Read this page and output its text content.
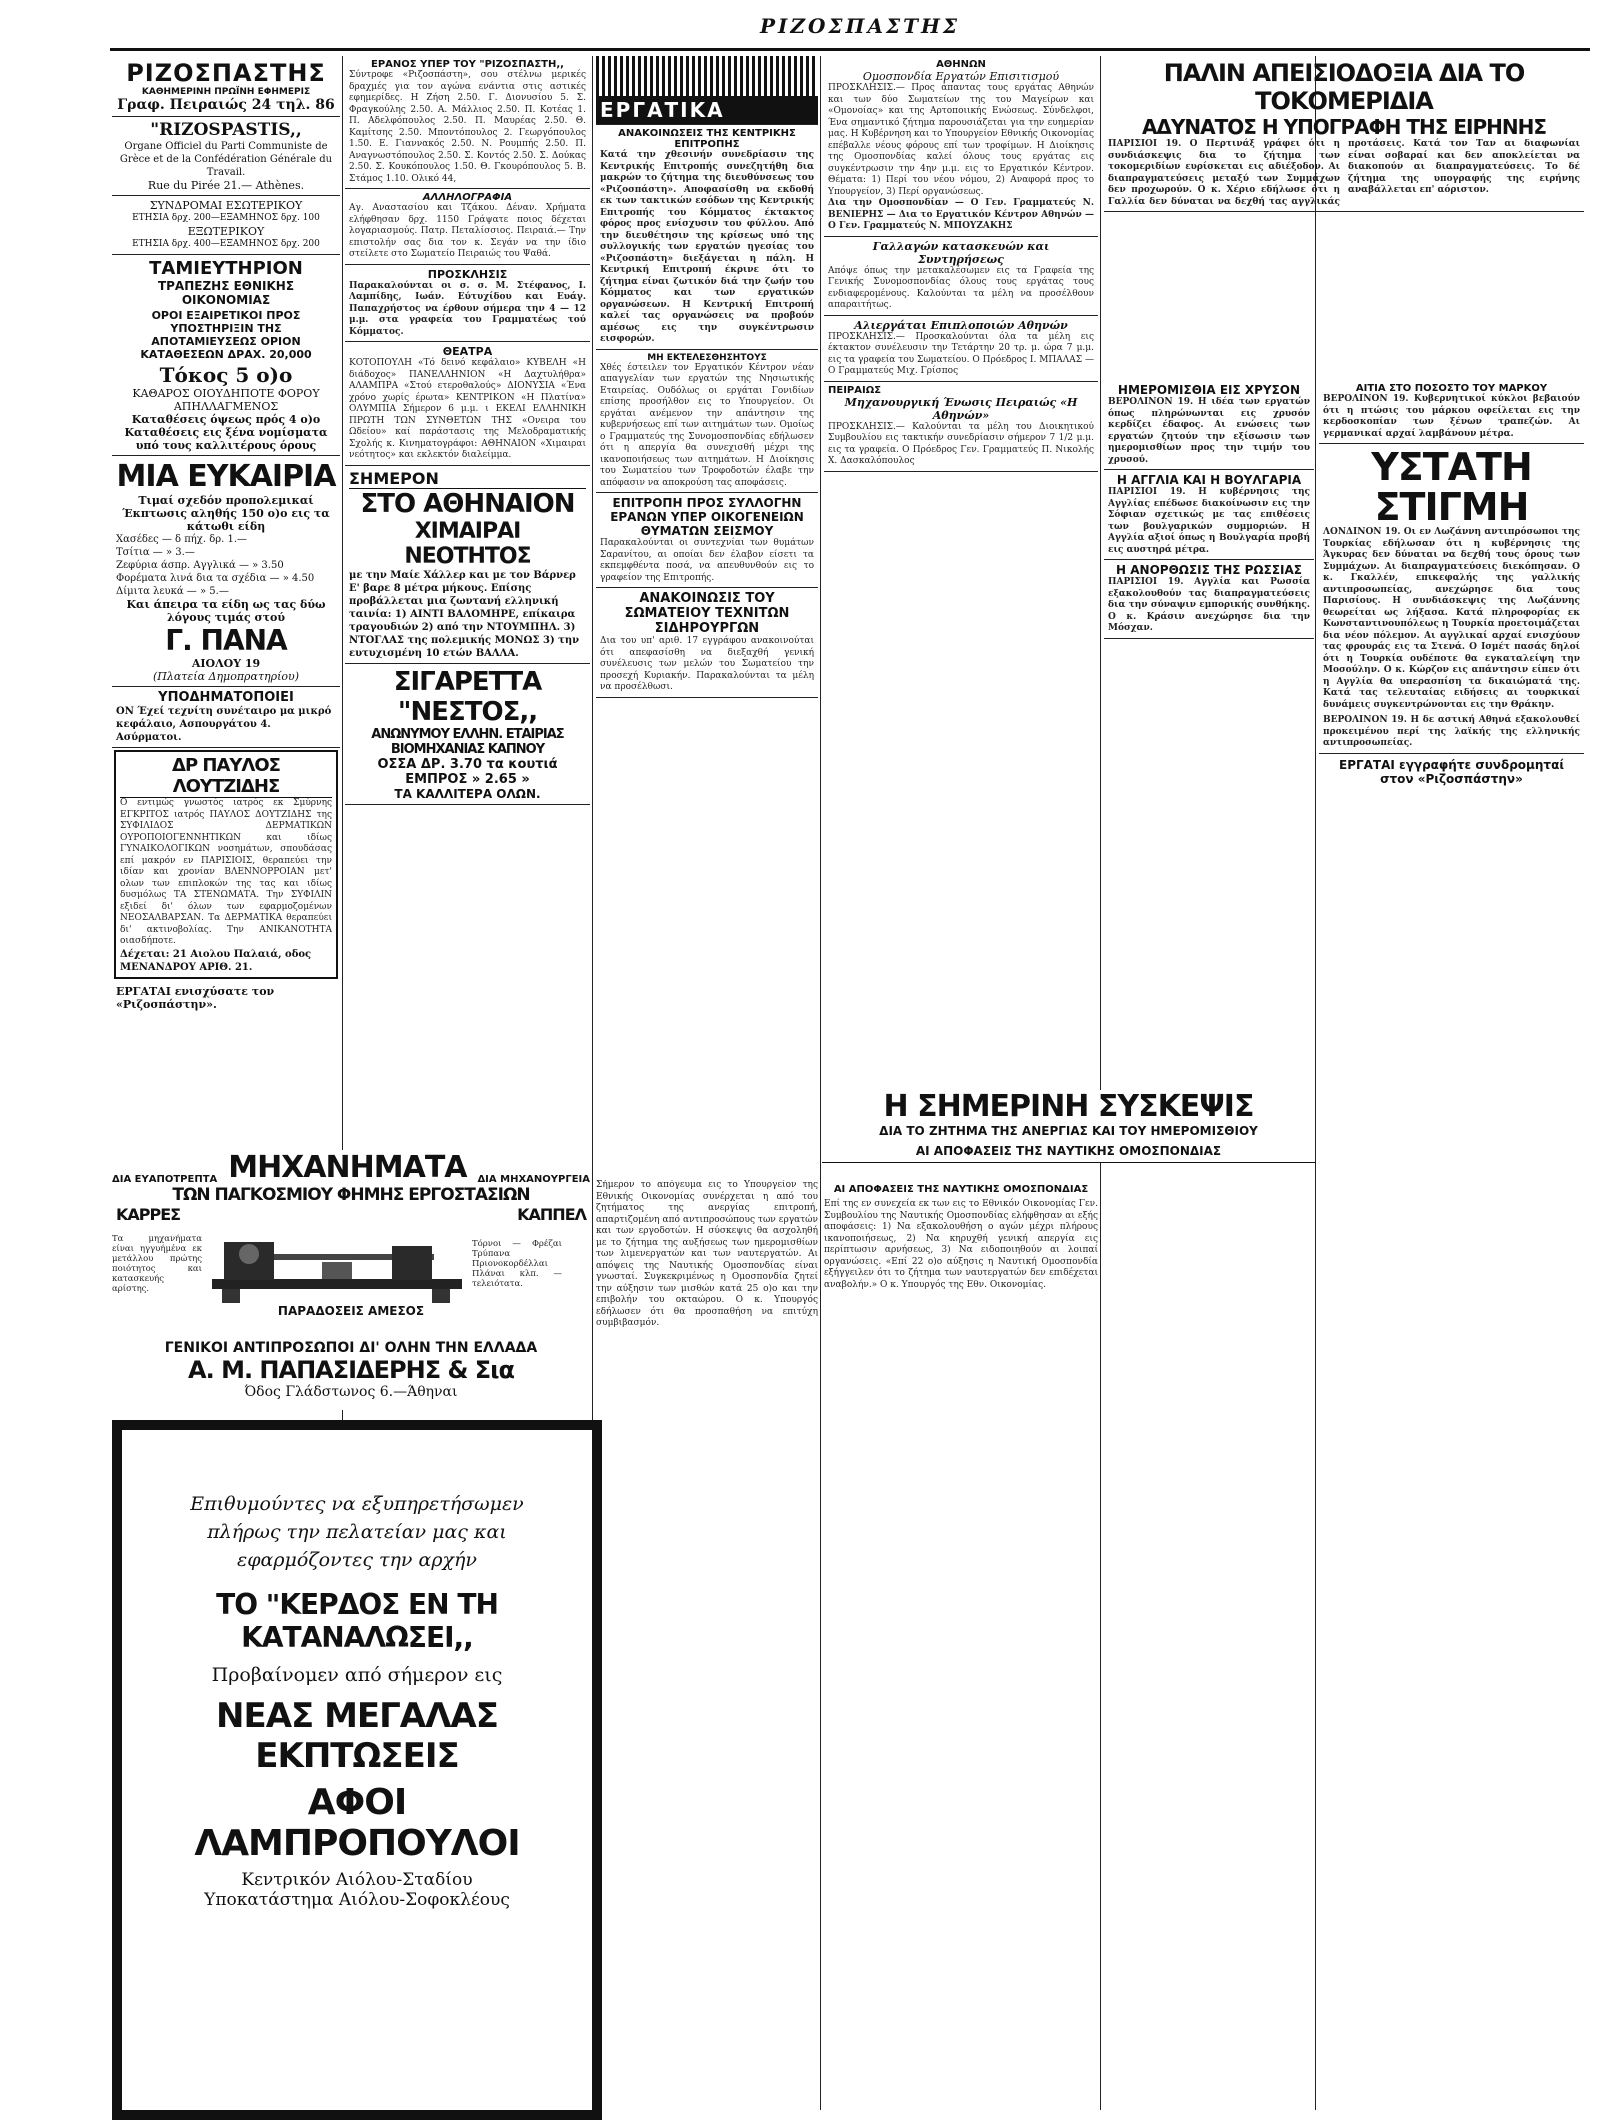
ΡΙΖΟΣΠΑΣΤΗΣ
ΡΙΖΟΣΠΑΣΤΗΣ
ΚΑΘΗΜΕΡΙΝΗ ΠΡΩΪΝΗ ΕΦΗΜΕΡΙΣ
Γραφ. Πειραιώς 24 τηλ. 86
"RIZOSPASTIS,,
Organe Officiel du Parti Communiste de Grèce et de la Confédération Générale du Travail.
Rue du Pirée 21.— Athènes.
ΣΥΝΔΡΟΜΑΙ ΕΣΩΤΕΡΙΚΟΥ
ΕΤΗΣΙΑ δρχ. 200—ΕΞΑΜΗΝΟΣ δρχ. 100
ΕΞΩΤΕΡΙΚΟΥ
ΕΤΗΣΙΑ δρχ. 400—ΕΞΑΜΗΝΟΣ δρχ. 200
ΤΑΜΙΕΥΤΗΡΙΟΝ
ΤΡΑΠΕΖΗΣ ΕΘΝΙΚΗΣ ΟΙΚΟΝΟΜΙΑΣ
ΟΡΟΙ ΕΞΑΙΡΕΤΙΚΟΙ ΠΡΟΣ ΥΠΟΣΤΗΡΙΞΙΝ ΤΗΣ ΑΠΟΤΑΜΙΕΥΣΕΩΣ ΟΡΙΟΝ ΚΑΤΑΘΕΣΕΩΝ ΔΡΑΧ. 20,000
Τόκος 5 ο)ο
ΚΑΘΑΡΟΣ ΟΙΟΥΔΗΠΟΤΕ ΦΟΡΟΥ ΑΠΗΛΛΑΓΜΕΝΟΣ
Καταθέσεις όψεως πρός 4 ο)ο Καταθέσεις εις ξένα νομίσματα υπό τους καλλιτέρους όρους
ΜΙΑ ΕΥΚΑΙΡΙΑ
Τιμαί σχεδόν προπολεμικαί
Έκπτωσις αληθής 150 ο)ο εις τα κάτωθι είδη
Χασέδες — δ πήχ. δρ. 1.—
Τσίτια — » 3.—
Ζεφύρια άσπρ. Αγγλικά — » 3.50
Φορέματα λινά δια τα σχέδια — » 4.50
Δίμιτα λευκά — » 5.—
Και άπειρα τα είδη ως τας δύω λόγους τιμάς στού
Γ. ΠΑΝΑ
ΑΙΟΛΟΥ 19
(Πλατεία Δημοπρατηρίου)
ΥΠΟΔΗΜΑΤΟΠΟΙΕΙ
ΟΝ Έχεί τεχνίτη συνέταιρο μα μικρό κεφάλαιο, Ασπουργάτου 4. Ασύρματοι.
ΔΡ ΠΑΥΛΟΣ ΛΟΥΤΖΙΔΗΣ
Ο εντιμώς γνωστός ιατρός εκ Σμύρνης ΕΓΚΡΙΤΟΣ ιατρός ΠΑΥΛΟΣ ΔΟΥΤΖΙΔΗΣ της ΣΥΦΙΛΙΔΟΣ ΔΕΡΜΑΤΙΚΩΝ ΟΥΡΟΠΟΙΟΓΕΝΝΗΤΙΚΩΝ και ιδίως ΓΥΝΑΙΚΟΛΟΓΙΚΩΝ νοσημάτων, σπουδάσας επί μακρόν εν ΠΑΡΙΣΙΟΙΣ, θεραπεύει την ιδίαν και χρονίαν ΒΛΕΝΝΟΡΡΟΙΑΝ μετ' ολων των επιπλοκών της τας και ιδίως δυσμόλως ΤΑ ΣΤΕΝΩΜΑΤΑ. Την ΣΥΦΙΛΙΝ εξιδεί δι' όλων των εφαρμοζομένων ΝΕΟΣΑΛΒΑΡΣΑΝ. Τα ΔΕΡΜΑΤΙΚΑ θεραπεύει δι' ακτινοβολίας. Την ΑΝΙΚΑΝΟΤΗΤΑ οιασδήποτε.
Δέχεται: 21 Αιολου Παλαιά, οδος ΜΕΝΑΝΔΡΟΥ ΑΡΙΘ. 21.
ΕΡΓΑΤΑΙ ενισχύσατε τον «Ριζοσπάστην».
ΕΡΑΝΟΣ ΥΠΕΡ ΤΟΥ "ΡΙΖΟΣΠΑΣΤΗ,,
Σύντροφε «Ριζοσπάστη», σου στέλνω μερικές δραχμές για τον αγώνα ενάντια στις αστικές εφημερίδες. Η Ζήση 2.50. Γ. Διονυσίου 5. Σ. Φραγκούλης 2.50. Α. Μάλλιος 2.50. Π. Κοτέας 1. Π. Αδελφόπουλος 2.50. Π. Μαυρέας 2.50. Θ. Καμίτσης 2.50. Μποντόπουλος 2. Γεωργόπουλος 1.50. Ε. Γιαννακός 2.50. Ν. Ρουμπής 2.50. Π. Αναγνωστόπουλος 2.50. Σ. Κοντός 2.50. Σ. Δούκας 2.50. Σ. Κουκόπουλος 1.50. Θ. Γκουρόπουλος 5. Β. Στάμος 1.10. Ολικό 44,
ΑΛΛΗΛΟΓΡΑΦΙΑ
Αγ. Αναστασίου και Τζάκου. Δέναν. Χρήματα ελήφθησαν δρχ. 1150 Γράψατε ποιος δέχεται λογαριασμούς. Πατρ. Πεταλίσσιος. Πειραιά.— Την επιστολήν σας δια τον κ. Σεγάν να την ίδιο στείλετε στο Σωματείο Πειραιώς του Ψαθά.
ΠΡΟΣΚΛΗΣΙΣ
Παρακαλούνται οι σ. σ. Μ. Στέφανος, Ι. Λαμπίδης, Ιωάν. Εύτυχίδου και Ευάγ. Παπαχρήστος να έρθουν σήμερα την 4 — 12 μ.μ. στα γραφεία του Γραμματέως τού Κόμματος.
ΘΕΑΤΡΑ
ΚΟΤΟΠΟΥΛΗ «Τό δεινό κεφάλαιο» ΚΥΒΕΛΗ «Η διάδοχος» ΠΑΝΕΛΛΗΝΙΟΝ «Η Δαχτυλήθρα» ΑΛΑΜΠΡΑ «Στού ετεροθαλούς» ΔΙΟΝΥΣΙΑ «Ένα χρόνο χωρίς έρωτα» ΚΕΝΤΡΙΚΟΝ «Η Πλατίνα» ΟΛΥΜΠΙΑ Σήμερον 6 μ.μ. ι ΕΚΕΛΙ ΕΛΛΗΝΙΚΗ ΠΡΩΤΗ ΤΩΝ ΣΥΝΘΕΤΩΝ ΤΗΣ «Ονειρα του Ωδείου» καί παράστασις της Μελοδραματικής Σχολής κ. Κινηματογράφοι: ΑΘΗΝΑΙΟΝ «Χιμαιραι νεότητος» και εκλεκτόν διαλείμμα.
ΣΗΜΕΡΟΝ
ΣΤΟ ΑΘΗΝΑΙΟΝ
ΧΙΜΑΙΡΑΙ ΝΕΟΤΗΤΟΣ
με την Μαίε Χάλλερ και με τον Βάρνερ Ε' βαρε 8 μέτρα μήκους. Επίσης προβάλλεται μια ζωντανή ελληνική ταινία: 1) ΑΙΝΤΙ ΒΑΛΟΜΗΡΕ, επίκαιρα τραγουδιών 2) από την ΝΤΟΥΜΠΗΛ. 3) ΝΤΟΓΛΑΣ της πολεμικής ΜΟΝΩΣ 3) την ευτυχισμένη 10 ετών ΒΑΛΛΑ.
ΣΙΓΑΡΕΤΤΑ "ΝΕΣΤΟΣ,,
ΑΝΩΝΥΜΟΥ ΕΛΛΗΝ. ΕΤΑΙΡΙΑΣ ΒΙΟΜΗΧΑΝΙΑΣ ΚΑΠΝΟΥ
ΟΣΣΑ ΔΡ. 3.70 τα κουτιά ΕΜΠΡΟΣ » 2.65 »
ΤΑ ΚΑΛΛΙΤΕΡΑ ΟΛΩΝ.
ΔΙΑ ΕΥΑΠΟΤΡΕΠΤΑ ΜΗΧΑΝΗΜΑΤΑ ΔΙΑ ΜΗΧΑΝΟΥΡΓΕΙΑ
ΤΩΝ ΠΑΓΚΟΣΜΙΟΥ ΦΗΜΗΣ ΕΡΓΟΣΤΑΣΙΩΝ
ΚΑΡΡΕΣ	ΚΑΠΠΕΛ
Τα μηχανήματα είναι ηγγυήμένα εκ μετάλλου πρώτης ποιότητος και κατασκευής αρίστης.
Τόρνοι — Φρέζαι Τρύπανα Πριονοκορδέλλαι Πλάναι κλπ. — τελειότατα.
ΠΑΡΑΔΟΣΕΙΣ ΑΜΕΣΟΣ
ΓΕΝΙΚΟΙ ΑΝΤΙΠΡΟΣΩΠΟΙ ΔΙ' ΟΛΗΝ ΤΗΝ ΕΛΛΑΔΑ
Α. Μ. ΠΑΠΑΣΙΔΕΡΗΣ & Σια
Όδος Γλάδστωνος 6.—Άθηναι
Επιθυμούντες να εξυπηρετήσωμεν πλήρως την πελατείαν μας και εφαρμόζοντες την αρχήν
ΤΟ "ΚΕΡΔΟΣ ΕΝ ΤΗ ΚΑΤΑΝΑΛΩΣΕΙ,,
Προβαίνομεν από σήμερον εις
ΝΕΑΣ ΜΕΓΑΛΑΣ ΕΚΠΤΩΣΕΙΣ
ΑΦΟΙ ΛΑΜΠΡΟΠΟΥΛΟΙ
Κεντρικόν Αιόλου-Σταδίου
Υποκατάστημα Αιόλου-Σοφοκλέους
ΕΡΓΑΤΙΚΑ
ΑΝΑΚΟΙΝΩΣΕΙΣ ΤΗΣ ΚΕΝΤΡΙΚΗΣ ΕΠΙΤΡΟΠΗΣ
Κατά την χθεσινήν συνεδρίασιν της Κεντρικής Επιτροπής συνεζητήθη δια μακρών το ζήτημα της διευθύνσεως του «Ριζοσπάστη». Αποφασίσθη να εκδοθή εκ των τακτικών εσόδων της Κεντρικής Επιτροπής του Κόμματος έκτακτος φόρος προς ενίσχυσιν του φύλλου. Από την διευθέτησιν της κρίσεως υπό της συλλογικής των εργατών ηγεσίας του «Ριζοσπάστη» διεξάγεται η πάλη. Η Κεντρική Επιτροπή έκρινε ότι το ζήτημα είναι ζωτικόν διά την ζωήν του Κόμματος και των εργατικών οργανώσεων. Η Κεντρική Επιτροπή καλεί τας οργανώσεις να προβούν αμέσως εις την συγκέντρωσιν εισφορών.
ΜΗ ΕΚΤΕΛΕΣΘΗΣΗΤΟΥΣ
Χθές έστειλεν τον Εργατικόν Κέντρον νέαν απαγγελίαν των εργατών της Νησιωτικής Εταιρείας. Ουδόλως οι εργάται Γονιδίων επίσης προσήλθον εις το Υπουργείον. Οι εργάται ανέμενον την απάντησιν της κυβερνήσεως επί των αιτημάτων των. Ομοίως ο Γραμματεύς της Συνομοσπονδίας εδήλωσεν ότι η απεργία θα συνεχισθή μέχρι της ικανοποιήσεως των αιτημάτων. Η Διοίκησις του Σωματείου των Τροφοδοτών έλαβε την απόφασιν να αποκρούση τας αποφάσεις.
ΕΠΙΤΡΟΠΗ ΠΡΟΣ ΣΥΛΛΟΓΗΝ ΕΡΑΝΩΝ ΥΠΕΡ ΟΙΚΟΓΕΝΕΙΩΝ ΘΥΜΑΤΩΝ ΣΕΙΣΜΟΥ
Παρακαλούνται οι συντεχνίαι των θυμάτων Σαρανίτου, αι οποίαι δεν έλαβον είσετι τα εκπεμφθέντα ποσά, να απευθυνθούν εις το γραφείον της Επιτροπής.
ΑΝΑΚΟΙΝΩΣΙΣ ΤΟΥ ΣΩΜΑΤΕΙΟΥ ΤΕΧΝΙΤΩΝ ΣΙΔΗΡΟΥΡΓΩΝ
Δια του υπ' αριθ. 17 εγγράφου ανακοινούται ότι απεφασίσθη να διεξαχθή γενική συνέλευσις των μελών του Σωματείου την προσεχή Κυριακήν. Παρακαλούνται τα μέλη να προσέλθωσι.
ΑΘΗΝΩΝ
Ομοσπονδία Εργατών Επισιτισμού
ΠΡΟΣΚΛΗΣΙΣ.— Προς άπαντας τους εργάτας Αθηνών και των δύο Σωματείων της του Μαγείρων και «Ομονοίας» και της Αρτοποιικής Ενώσεως. Σύνδελφοι, Ένα σημαντικό ζήτημα παρουσιάζεται για την ευημερίαν μας. Η Κυβέρνηση και το Υπουργείον Εθνικής Οικονομίας επέβαλλε νέους φόρους επί των τροφίμων. Η Διοίκησις της Ομοσπονδίας καλεί όλους τους εργάτας εις συγκέντρωσιν την 4ην μ.μ. εις το Εργατικόν Κέντρον. Θέματα: 1) Περί του νέου νόμου, 2) Αναφορά προς το Υπουργείον, 3) Περί οργανώσεως.
Δια την Ομοσπονδίαν — Ο Γεν. Γραμματεύς Ν. ΒΕΝΙΕΡΗΣ — Δια το Εργατικόν Κέντρον Αθηνών — Ο Γεν. Γραμματεύς Ν. ΜΠΟΥΖΑΚΗΣ
Γαλλαγών κατασκευών και Συντηρήσεως
Απόψε όπως την μετακαλέσωμεν εις τα Γραφεία της Γενικής Συνομοσπονδίας όλους τους εργάτας τους ενδιαφερομένους. Καλούνται τα μέλη να προσέλθουν απαραιτήτως.
Αλιεργάται Επιπλοποιών Αθηνών
ΠΡΟΣΚΛΗΣΙΣ.— Προσκαλούνται όλα τα μέλη εις έκτακτον συνέλευσιν την Τετάρτην 20 τρ. μ. ώρα 7 μ.μ. εις τα γραφεία του Σωματείου. Ο Πρόεδρος Ι. ΜΠΑΛΑΣ — Ο Γραμματεύς Μιχ. Γρίσπος
ΠΕΙΡΑΙΩΣ
Μηχανουργική Ένωσις Πειραιώς «Η Αθηνών»
ΠΡΟΣΚΛΗΣΙΣ.— Καλούνται τα μέλη του Διοικητικού Συμβουλίου εις τακτικήν συνεδρίασιν σήμερον 7 1/2 μ.μ. εις τα γραφεία. Ο Πρόεδρος Γεν. Γραμματεύς Π. Νικολής Χ. Δασκαλόπουλος
Η ΣΗΜΕΡΙΝΗ ΣΥΣΚΕΨΙΣ
ΔΙΑ ΤΟ ΖΗΤΗΜΑ ΤΗΣ ΑΝΕΡΓΙΑΣ ΚΑΙ ΤΟΥ ΗΜΕΡΟΜΙΣΘΙΟΥ
ΑΙ ΑΠΟΦΑΣΕΙΣ ΤΗΣ ΝΑΥΤΙΚΗΣ ΟΜΟΣΠΟΝΔΙΑΣ
Σήμερον το απόγευμα εις το Υπουργείον της Εθνικής Οικονομίας συνέρχεται η από του ζητήματος της ανεργίας επιτροπή, απαρτιζομένη από αντιπροσώπους των εργατών και των εργοδοτών. Η σύσκεψις θα ασχοληθή με το ζήτημα της αυξήσεως των ημερομισθίων των λιμενεργατών και των ναυτεργατών. Αι απόψεις της Ναυτικής Ομοσπονδίας είναι γνωσταί. Συγκεκριμένως η Ομοσπονδία ζητεί την αύξησιν των μισθών κατά 25 ο)ο και την επιβολήν του οκταώρου. Ο κ. Υπουργός εδήλωσεν ότι θα προσπαθήση να επιτύχη συμβιβασμόν.
ΑΙ ΑΠΟΦΑΣΕΙΣ ΤΗΣ ΝΑΥΤΙΚΗΣ ΟΜΟΣΠΟΝΔΙΑΣ
Επί της εν συνεχεία εκ των εις το Εθνικόν Οικονομίας Γεν. Συμβουλίου της Ναυτικής Ομοσπονδίας ελήφθησαν αι εξής αποφάσεις: 1) Να εξακολουθήση ο αγών μέχρι πλήρους ικανοποιήσεως, 2) Να κηρυχθή γενική απεργία εις περίπτωσιν αρνήσεως, 3) Να ειδοποιηθούν αι λοιπαί οργανώσεις. «Επί 22 ο)ο αύξησις η Ναυτική Ομοσπονδία εξήγγειλεν ότι το ζήτημα των ναυτεργατών δεν επιδέχεται αναβολήν.» Ο κ. Υπουργός της Εθν. Οικονομίας.
ΠΑΛΙΝ ΑΠΕΙΣΙΟΔΟΞΙΑ ΔΙΑ ΤΟ ΤΟΚΟΜΕΡΙΔΙΑ
ΑΔΥΝΑΤΟΣ Η ΥΠΟΓΡΑΦΗ ΤΗΣ ΕΙΡΗΝΗΣ
ΠΑΡΙΣΙΟΙ 19. Ο Περτινάξ γράφει ότι η συνδιάσκεψις δια το ζήτημα των τοκομεριδίων ευρίσκεται εις αδιέξοδον. Αι διαπραγματεύσεις μεταξύ των Συμμάχων δεν προχωρούν. Ο κ. Χέριο εδήλωσε ότι η Γαλλία δεν δύναται να δεχθή τας αγγλικάς προτάσεις. Κατά τον Ταν αι διαφωνίαι είναι σοβαραί και δεν αποκλείεται να διακοπούν αι διαπραγματεύσεις. Το δέ ζήτημα της υπογραφής της ειρήνης αναβάλλεται επ' αόριστον.
ΗΜΕΡΟΜΙΣΘΙΑ ΕΙΣ ΧΡΥΣΟΝ
ΒΕΡΟΛΙΝΟΝ 19. Η ιδέα των εργατών όπως πληρώνωνται εις χρυσόν κερδίζει έδαφος. Αι ενώσεις των εργατών ζητούν την εξίσωσιν των ημερομισθίων προς την τιμήν του χρυσού.
Η ΑΓΓΛΙΑ ΚΑΙ Η ΒΟΥΛΓΑΡΙΑ
ΠΑΡΙΣΙΟΙ 19. Η κυβέρνησις της Αγγλίας επέδωσε διακοίνωσιν εις την Σόφιαν σχετικώς με τας επιθέσεις των βουλγαρικών συμμοριών. Η Αγγλία αξιοί όπως η Βουλγαρία προβή εις αυστηρά μέτρα.
Η ΑΝΟΡΘΩΣΙΣ ΤΗΣ ΡΩΣΣΙΑΣ
ΠΑΡΙΣΙΟΙ 19. Αγγλία και Ρωσσία εξακολουθούν τας διαπραγματεύσεις δια την σύναψιν εμπορικής συνθήκης. Ο κ. Κράσιν ανεχώρησε δια την Μόσχαν.
ΑΙΤΙΑ ΣΤΟ ΠΟΣΟΣΤΟ ΤΟΥ ΜΑΡΚΟΥ
ΒΕΡΟΛΙΝΟΝ 19. Κυβερνητικοί κύκλοι βεβαιούν ότι η πτώσις του μάρκου οφείλεται εις την κερδοσκοπίαν των ξένων τραπεζών. Αι γερμανικαί αρχαί λαμβάνουν μέτρα.
ΥΣΤΑΤΗ ΣΤΙΓΜΗ
ΛΟΝΔΙΝΟΝ 19. Οι εν Λωζάννη αντιπρόσωποι της Τουρκίας εδήλωσαν ότι η κυβέρνησις της Άγκυρας δεν δύναται να δεχθή τους όρους των Συμμάχων. Αι διαπραγματεύσεις διεκόπησαν. Ο κ. Γκαλλέν, επικεφαλής της γαλλικής αντιπροσωπείας, ανεχώρησε δια τους Παρισίους. Η συνδιάσκεψις της Λωζάννης θεωρείται ως λήξασα. Κατά πληροφορίας εκ Κωνσταντινουπόλεως η Τουρκία προετοιμάζεται δια νέον πόλεμον. Αι αγγλικαί αρχαί ενισχύουν τας φρουράς εις τα Στενά. Ο Ισμέτ πασάς δηλοί ότι η Τουρκία ουδέποτε θα εγκαταλείψη την Μοσούλην. Ο κ. Κώρζον εις απάντησιν είπεν ότι η Αγγλία θα υπερασπίση τα δικαιώματά της. Κατά τας τελευταίας ειδήσεις αι τουρκικαί δυνάμεις συγκεντρώνονται εις την Θράκην.
ΒΕΡΟΛΙΝΟΝ 19. Η δε αστική Αθηνά εξακολουθεί προκειμένου περί της λαϊκής της ελληνικής αντιπροσωπείας.
ΕΡΓΑΤΑΙ εγγραφήτε συνδρομηταί στον «Ριζοσπάστην»
